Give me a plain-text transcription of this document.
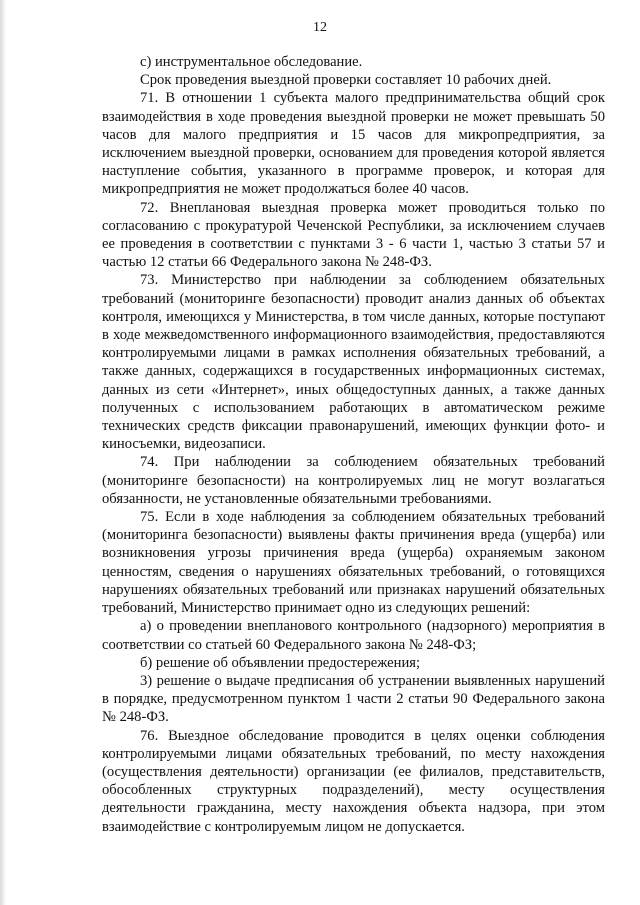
12

с) инструментальное обследование.

Срок проведения выездной проверки составляет 10 рабочих дней.

71. В отношении 1 субъекта малого предпринимательства общий срок взаимодействия в ходе проведения выездной проверки не может превышать 50 часов для малого предприятия и 15 часов для микропредприятия, за исключением выездной проверки, основанием для проведения которой является наступление события, указанного в программе проверок, и которая для микропредприятия не может продолжаться более 40 часов.

72. Внеплановая выездная проверка может проводиться только по согласованию с прокуратурой Чеченской Республики, за исключением случаев ее проведения в соответствии с пунктами 3 - 6 части 1, частью 3 статьи 57 и частью 12 статьи 66 Федерального закона № 248-ФЗ.

73. Министерство при наблюдении за соблюдением обязательных требований (мониторинге безопасности) проводит анализ данных об объектах контроля, имеющихся у Министерства, в том числе данных, которые поступают в ходе межведомственного информационного взаимодействия, предоставляются контролируемыми лицами в рамках исполнения обязательных требований, а также данных, содержащихся в государственных информационных системах, данных из сети «Интернет», иных общедоступных данных, а также данных полученных с использованием работающих в автоматическом режиме технических средств фиксации правонарушений, имеющих функции фото- и киносъемки, видеозаписи.

74. При наблюдении за соблюдением обязательных требований (мониторинге безопасности) на контролируемых лиц не могут возлагаться обязанности, не установленные обязательными требованиями.

75. Если в ходе наблюдения за соблюдением обязательных требований (мониторинга безопасности) выявлены факты причинения вреда (ущерба) или возникновения угрозы причинения вреда (ущерба) охраняемым законом ценностям, сведения о нарушениях обязательных требований, о готовящихся нарушениях обязательных требований или признаках нарушений обязательных требований, Министерство принимает одно из следующих решений:

а) о проведении внепланового контрольного (надзорного) мероприятия в соответствии со статьей 60 Федерального закона № 248-ФЗ;

б) решение об объявлении предостережения;

3) решение о выдаче предписания об устранении выявленных нарушений в порядке, предусмотренном пунктом 1 части 2 статьи 90 Федерального закона № 248-ФЗ.

76. Выездное обследование проводится в целях оценки соблюдения контролируемыми лицами обязательных требований, по месту нахождения (осуществления деятельности) организации (ее филиалов, представительств, обособленных структурных подразделений), месту осуществления деятельности гражданина, месту нахождения объекта надзора, при этом взаимодействие с контролируемым лицом не допускается.
